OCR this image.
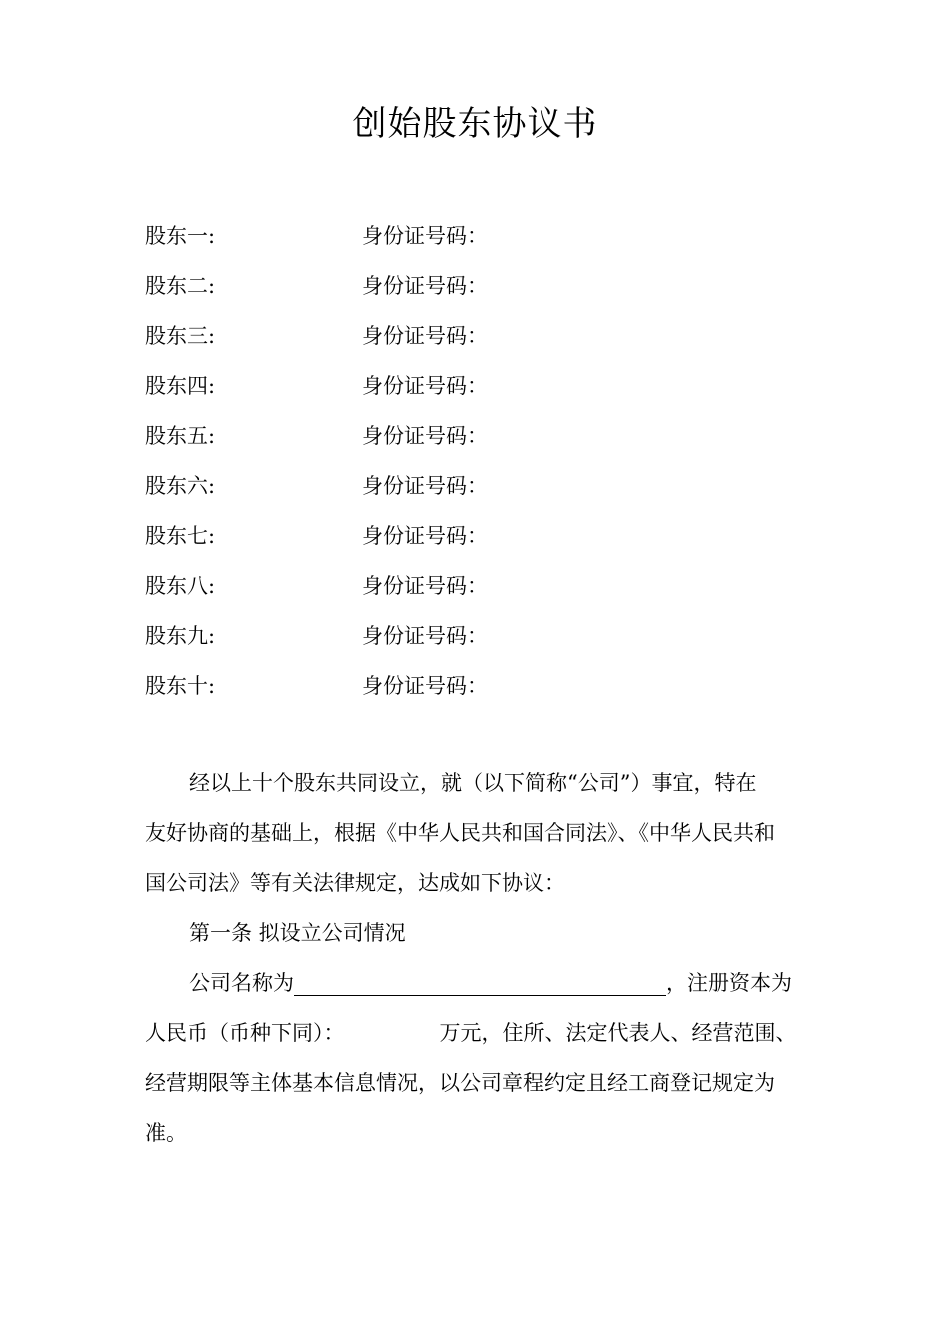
创始股东协议书
股东一:	身份证号码：
股东二:	身份证号码：
股东三:	身份证号码：
股东四:	身份证号码：
股东五:	身份证号码：
股东六:	身份证号码：
股东七:	身份证号码：
股东八:	身份证号码：
股东九:	身份证号码：
股东十:	身份证号码：
经以上十个股东共同设立，就（以下简称“公司”）事宜，特在
友好协商的基础上，根据《中华人民共和国合同法》、《中华人民共和
国公司法》等有关法律规定，达成如下协议：
第一条 拟设立公司情况
公司名称为	，注册资本为
人民币（币种下同）：	万元，住所、法定代表人、经营范围、
经营期限等主体基本信息情况，以公司章程约定且经工商登记规定为
准。
